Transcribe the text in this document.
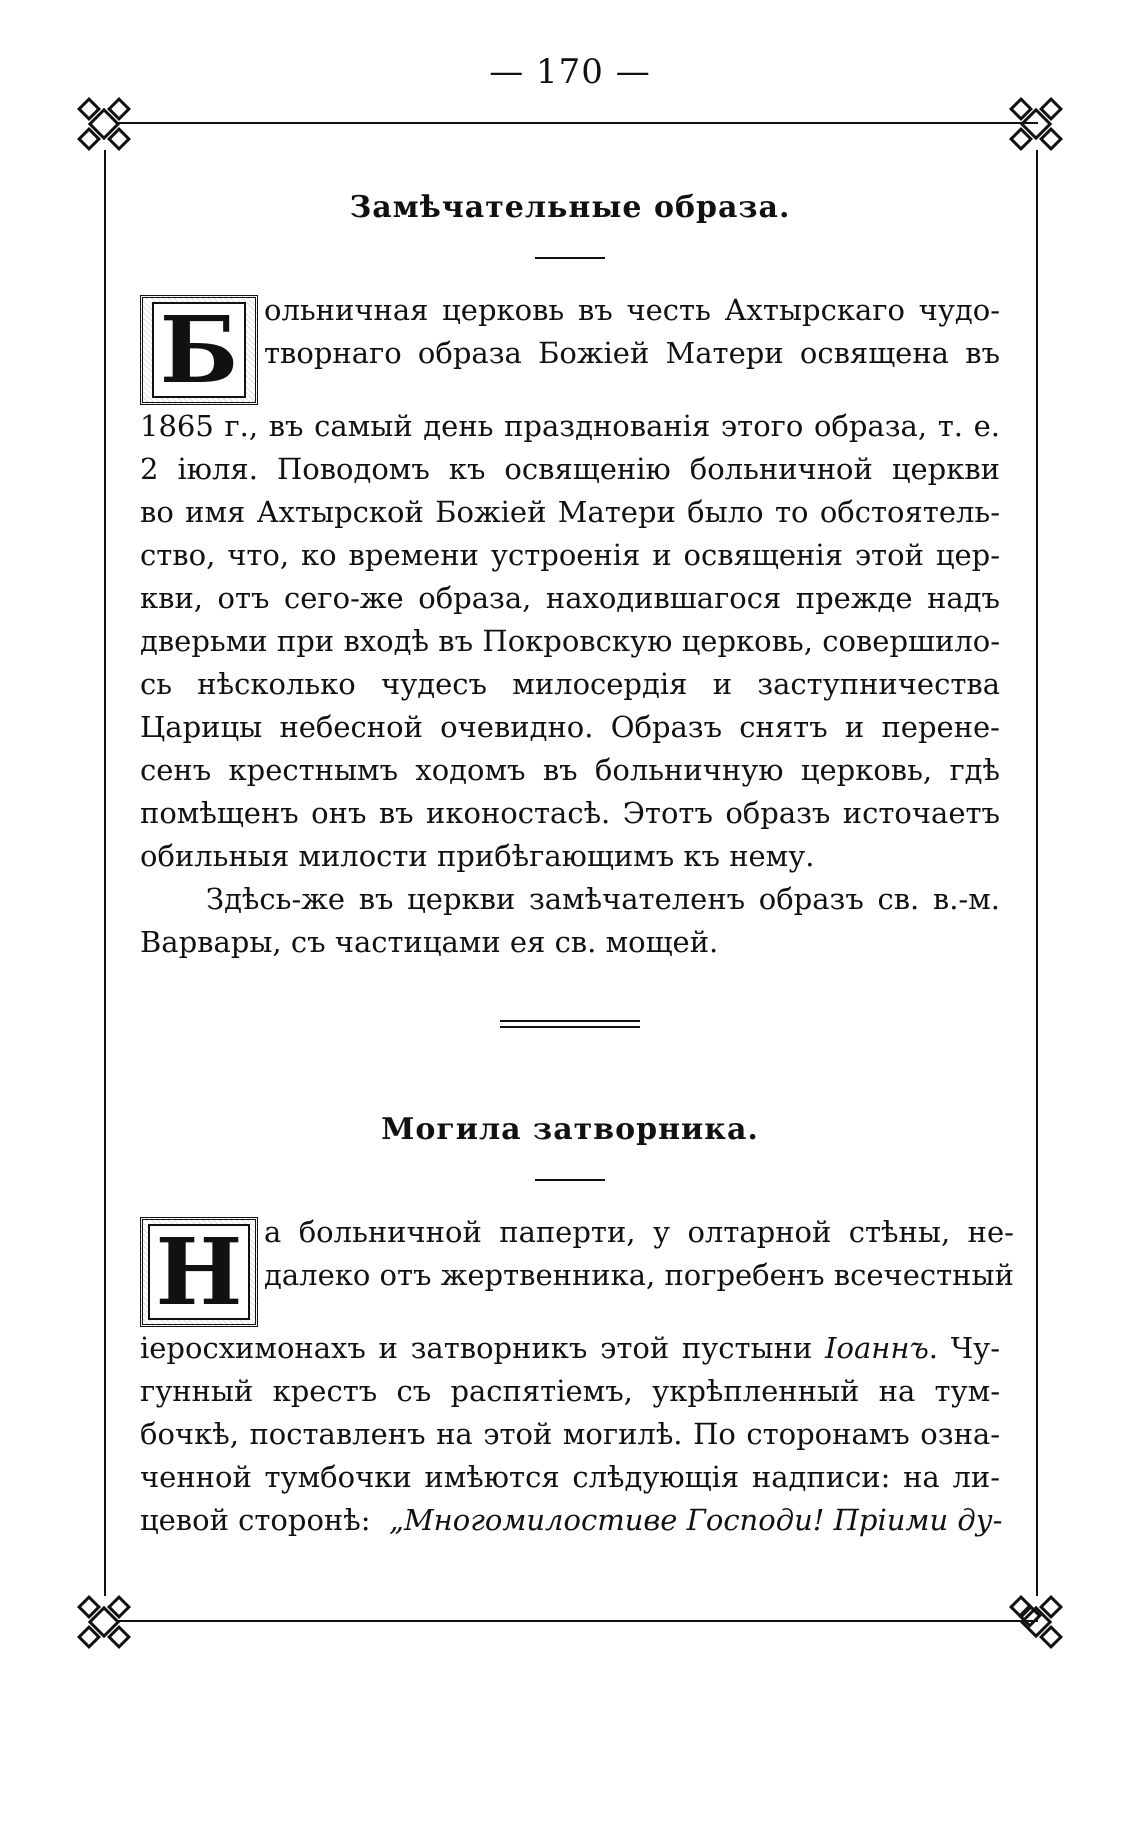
— 170 —
Замѣчательные образа.
Б ольничная церковь въ честь Ахтырскаго чудо-
творнаго образа Божіей Матери освящена въ
1865 г., въ самый день празднованія этого образа, т. е.
2 іюля. Поводомъ къ освященію больничной церкви
во имя Ахтырской Божіей Матери было то обстоятель-
ство, что, ко времени устроенія и освященія этой цер-
кви, отъ сего-же образа, находившагося прежде надъ
дверьми при входѣ въ Покровскую церковь, совершило-
сь нѣсколько чудесъ милосердія и заступничества
Царицы небесной очевидно. Образъ снятъ и перене-
сенъ крестнымъ ходомъ въ больничную церковь, гдѣ
помѣщенъ онъ въ иконостасѣ. Этотъ образъ источаетъ
обильныя милости прибѣгающимъ къ нему.
Здѣсь-же въ церкви замѣчателенъ образъ св. в.-м.
Варвары, съ частицами ея св. мощей.
Могила затворника.
Н а больничной паперти, у олтарной стѣны, не-
далеко отъ жертвенника, погребенъ всечестный
іеросхимонахъ и затворникъ этой пустыни Іоаннъ. Чу-
гунный крестъ съ распятіемъ, укрѣпленный на тум-
бочкѣ, поставленъ на этой могилѣ. По сторонамъ озна-
ченной тумбочки имѣются слѣдующія надписи: на ли-
цевой сторонѣ: „Многомилостиве Господи! Пріими ду-
